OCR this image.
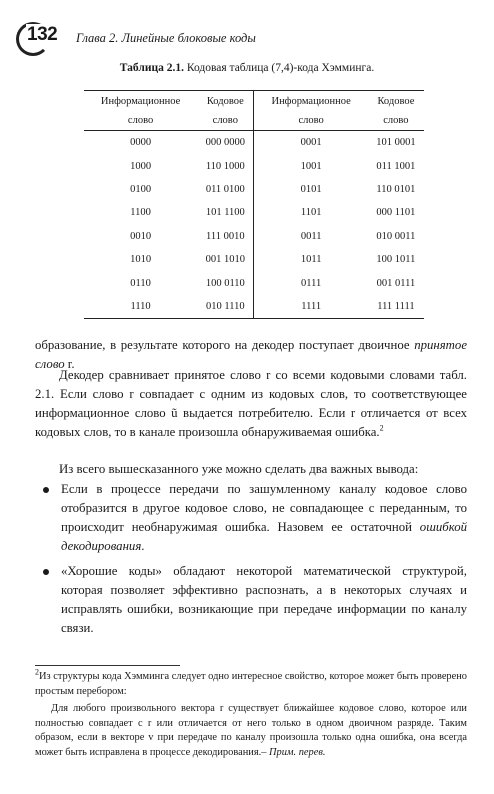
132 Глава 2. Линейные блоковые коды
Таблица 2.1. Кодовая таблица (7,4)-кода Хэмминга.
Информационное	Кодовое	Информационное	Кодовое
слово	слово	слово	слово
0000	000 0000	0001	101 0001
1000	110 1000	1001	011 1001
0100	011 0100	0101	110 0101
1100	101 1100	1101	000 1101
0010	111 0010	0011	010 0011
1010	001 1010	1011	100 1011
0110	100 0110	0111	001 0111
1110	010 1110	1111	111 1111
образование, в результате которого на декодер поступает двоичное принятое слово r.
Декодер сравнивает принятое слово r со всеми кодовыми словами табл. 2.1. Если слово r совпадает с одним из кодовых слов, то соответствующее информационное слово ũ выдается потребителю. Если r отличается от всех кодовых слов, то в канале произошла обнаруживаемая ошибка.$^2$
Из всего вышесказанного уже можно сделать два важных вывода:
Если в процессе передачи по зашумленному каналу кодовое слово отобразится в другое кодовое слово, не совпадающее с переданным, то происходит необнаружимая ошибка. Назовем ее остаточной ошибкой декодирования.
«Хорошие коды» обладают некоторой математической структурой, которая позволяет эффективно распознать, а в некоторых случаях и исправлять ошибки, возникающие при передаче информации по каналу связи.
$^2$Из структуры кода Хэмминга следует одно интересное свойство, которое может быть проверено простым перебором:
Для любого произвольного вектора r существует ближайшее кодовое слово, которое или полностью совпадает с r или отличается от него только в одном двоичном разряде. Таким образом, если в векторе v при передаче по каналу произошла только одна ошибка, она всегда может быть исправлена в процессе декодирования.– Прим. перев.
